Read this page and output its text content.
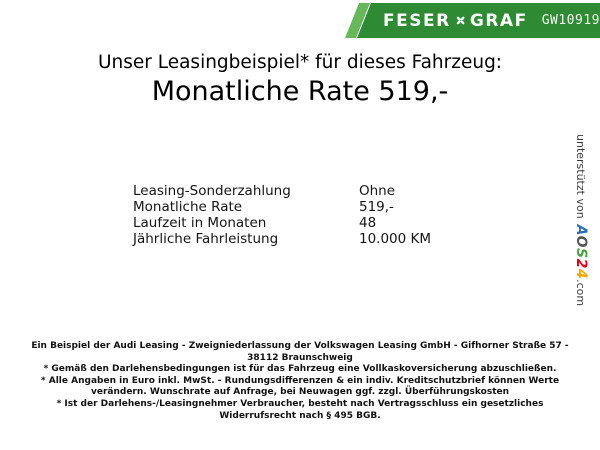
FESER GRAF GW10919
Unser Leasingbeispiel* für dieses Fahrzeug:
Monatliche Rate 519,-
Leasing-Sonderzahlung	Ohne
Monatliche Rate	519,-
Laufzeit in Monaten	48
Jährliche Fahrleistung	10.000 KM
unterstützt von
AOS24
.com
Ein Beispiel der Audi Leasing - Zweigniederlassung der Volkswagen Leasing GmbH - Gifhorner Straße 57 - 38112 Braunschweig
* Gemäß den Darlehensbedingungen ist für das Fahrzeug eine Vollkaskoversicherung abzuschließen.
* Alle Angaben in Euro inkl. MwSt. - Rundungsdifferenzen & ein indiv. Kreditschutzbrief können Werte verändern. Wunschrate auf Anfrage, bei Neuwagen ggf. zzgl. Überführungskosten
* Ist der Darlehens-/Leasingnehmer Verbraucher, besteht nach Vertragsschluss ein gesetzliches Widerrufsrecht nach § 495 BGB.
